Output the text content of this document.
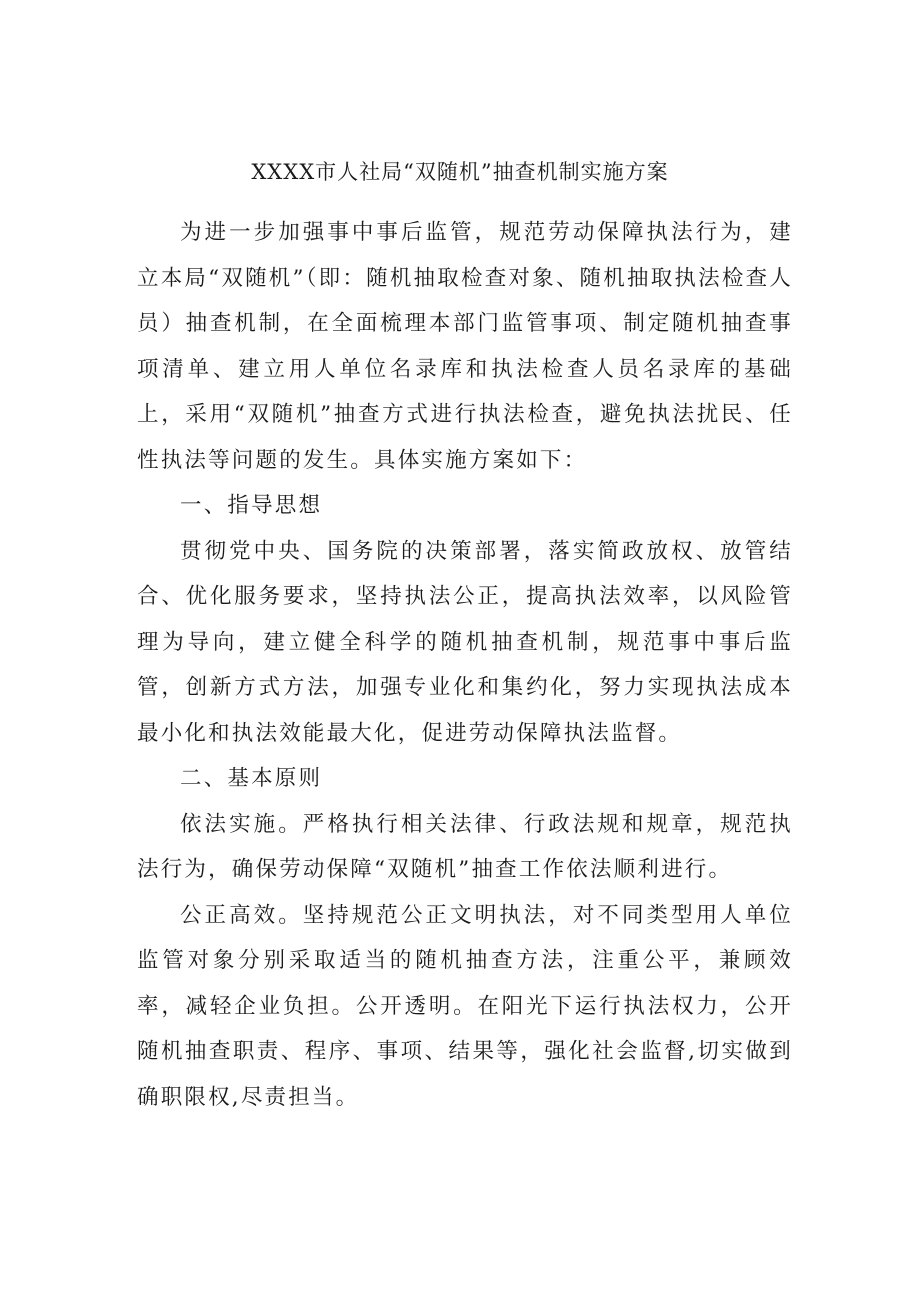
XXXX市人社局“双随机”抽查机制实施方案

为进一步加强事中事后监管，规范劳动保障执法行为，建立本局“双随机”（即：随机抽取检查对象、随机抽取执法检查人员）抽查机制，在全面梳理本部门监管事项、制定随机抽查事项清单、建立用人单位名录库和执法检查人员名录库的基础上，采用“双随机”抽查方式进行执法检查，避免执法扰民、任性执法等问题的发生。具体实施方案如下：

一、指导思想

贯彻党中央、国务院的决策部署，落实简政放权、放管结合、优化服务要求，坚持执法公正，提高执法效率，以风险管理为导向，建立健全科学的随机抽查机制，规范事中事后监管，创新方式方法，加强专业化和集约化，努力实现执法成本最小化和执法效能最大化，促进劳动保障执法监督。

二、基本原则

依法实施。严格执行相关法律、行政法规和规章，规范执法行为，确保劳动保障“双随机”抽查工作依法顺利进行。

公正高效。坚持规范公正文明执法，对不同类型用人单位监管对象分别采取适当的随机抽查方法，注重公平，兼顾效率，减轻企业负担。公开透明。在阳光下运行执法权力，公开随机抽查职责、程序、事项、结果等，强化社会监督,切实做到确职限权,尽责担当。
